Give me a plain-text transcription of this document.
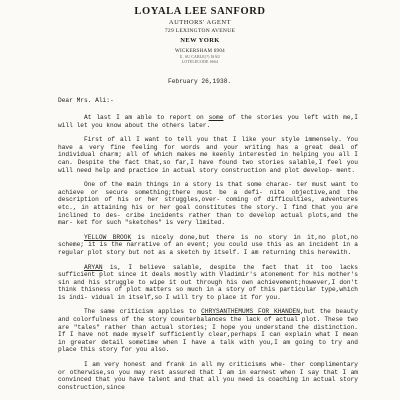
LOYALA LEE SANFORD
AUTHORS' AGENT
729 LEXINGTON AVENUE
NEW YORK
WICKERSHAM 6904
U. SU CABLE(?) ISAU
LOTELECODE 6664
February 26,1938.
Dear Mrs. Ali:-

At last I am able to report on some of the stories you left with me,I will let you know about the others later.

First of all I want to tell you that I like your style immensely. You have a very fine feeling for words and your writing has a great deal of individual charm; all of which makes me keenly interested in helping you all I can. Despite the fact that,so far,I have found two stories salable,I feel you will need help and practice in actual story construction and plot develop- ment.

One of the main things in a story is that some charac- ter must want to achieve or secure something;there must be a defi- nite objective,and the description of his or her struggles,over- coming of difficulties, adventures etc., in attaining his or her goal constitutes the story. I find that you are inclined to des- cribe incidents rather than to develop actual plots,and the mar- ket for such "sketches" is very limited.

YELLOW BROOK is nicely done,but there is no story in it,no plot,no scheme; it is the narrative of an event; you could use this as an incident in a regular plot story but not as a sketch by itself. I am returning this herewith.

ARYAN is, I believe salable, despite the fact that it too lacks sufficient plot since it deals mostly with Vladimir's atonement for his mother's sin and his struggle to wipe it out through his own achievement;however,I don't think thisness of plot matters so much in a story of this particular type,which is indi- vidual in itself,so I will try to place it for you.

The same criticism applies to CHRYSANTHEMUMS FOR KHANDEN,but the beauty and colorfulness of the story counterbalances the lack of actual plot. These two are "tales" rather than actual stories; I hope you understand the distinction. If I have not made myself sufficiently clear,perhaps I can explain what I mean in greater detail sometime when I have a talk with you,I am going to try and place this story for you also.

I am very honest and frank in all my criticisms whe- ther complimentary or otherwise,so you may rest assured that I am in earnest when I say that I am convinced that you have talent and that all you need is coaching in actual story construction,since
